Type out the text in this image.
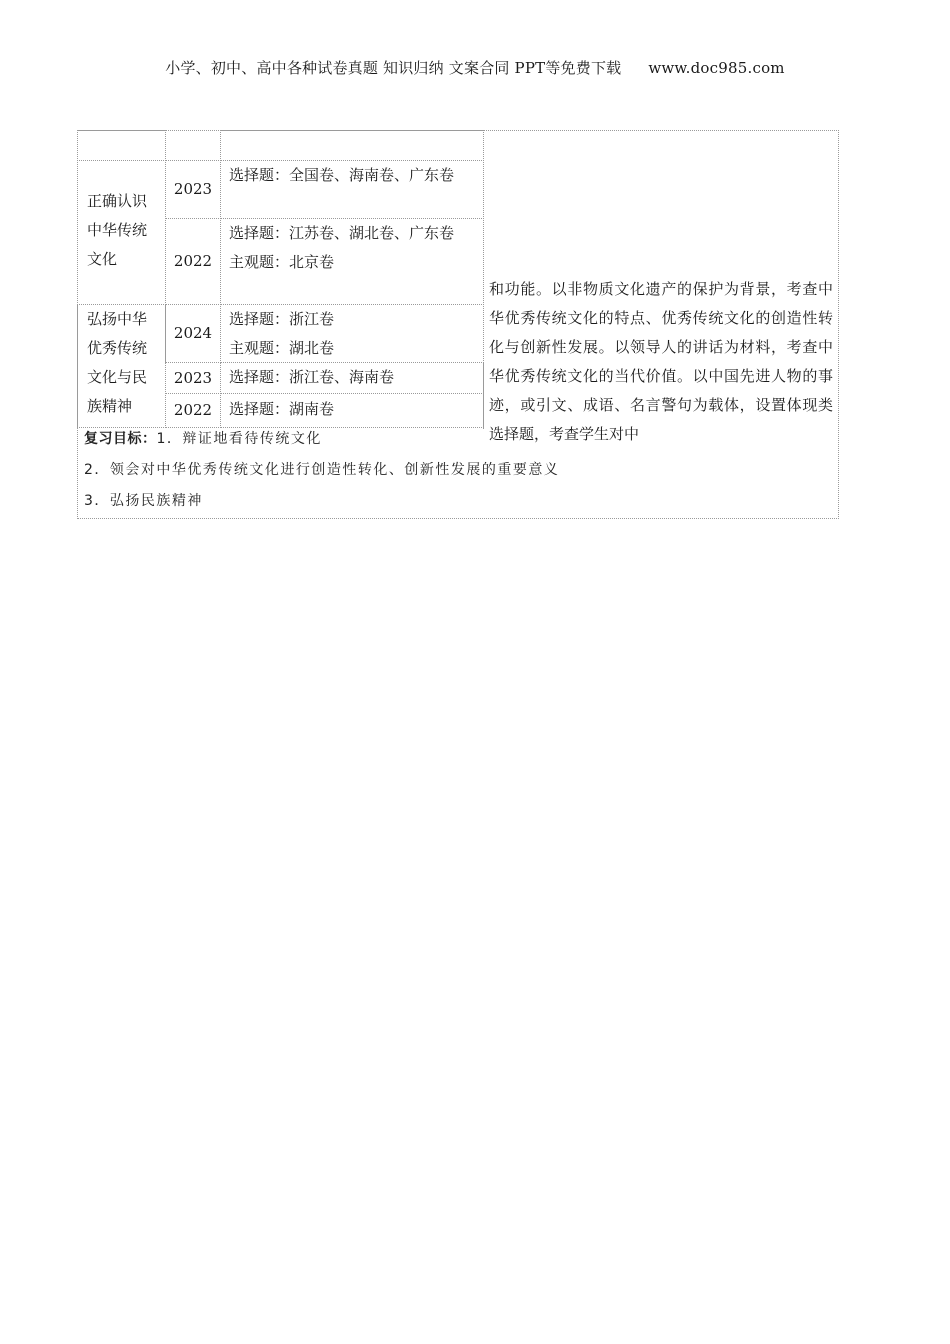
小学、初中、高中各种试卷真题 知识归纳 文案合同 PPT等免费下载 www.doc985.com
正确认识中华传统文化
2023
选择题：全国卷、海南卷、广东卷
2022
选择题：江苏卷、湖北卷、广东卷
主观题：北京卷
弘扬中华优秀传统文化与民族精神
2024
选择题：浙江卷
主观题：湖北卷
2023 选择题：浙江卷、海南卷
2022 选择题：湖南卷
和功能。以非物质文化遗产的保护为背景，考查中华优秀传统文化的特点、优秀传统文化的创造性转化与创新性发展。以领导人的讲话为材料，考查中华优秀传统文化的当代价值。以中国先进人物的事迹，或引文、成语、名言警句为载体，设置体现类选择题，考查学生对中
复习目标：1．辩证地看待传统文化
2．领会对中华优秀传统文化进行创造性转化、创新性发展的重要意义
3．弘扬民族精神
